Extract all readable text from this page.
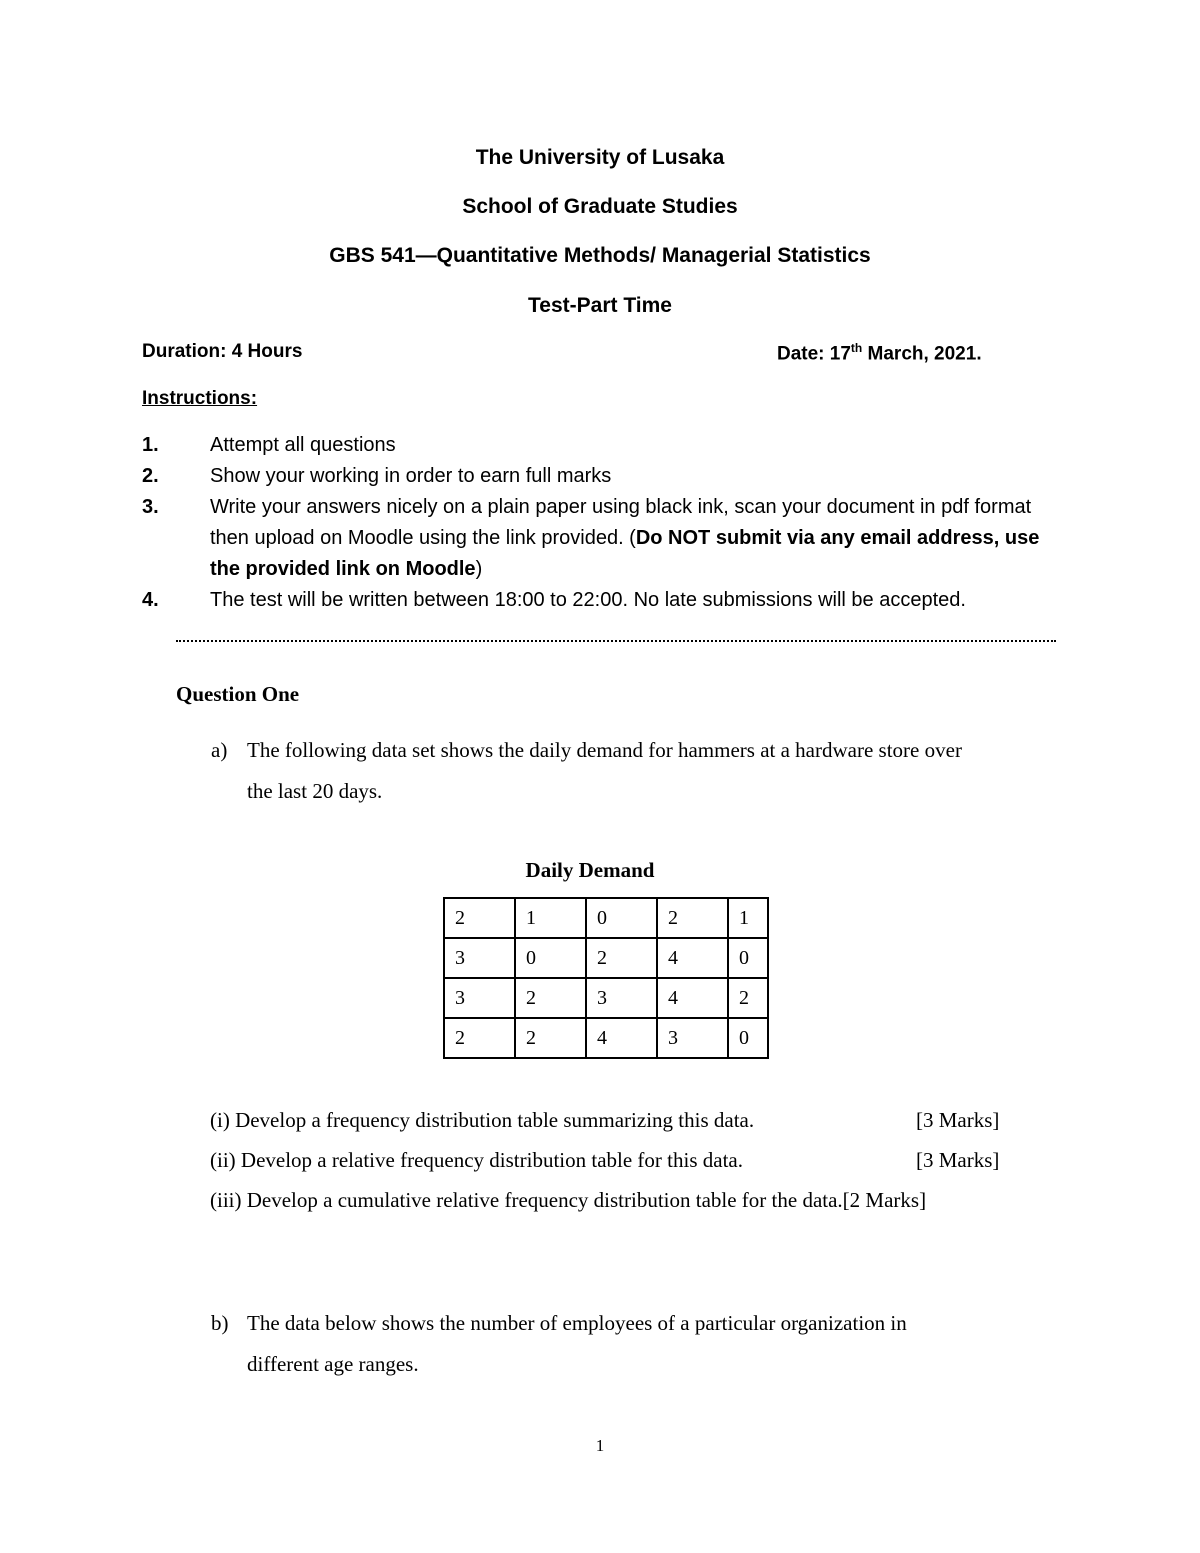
The University of Lusaka
School of Graduate Studies
GBS 541—Quantitative Methods/ Managerial Statistics
Test-Part Time
Duration: 4 Hours	Date: 17th March, 2021.
Instructions:
1.	Attempt all questions
2.	Show your working in order to earn full marks
3.	Write your answers nicely on a plain paper using black ink, scan your document in pdf format then upload on Moodle using the link provided. (Do NOT submit via any email address, use the provided link on Moodle)
4.	The test will be written between 18:00 to 22:00. No late submissions will be accepted.
Question One
a) The following data set shows the daily demand for hammers at a hardware store over
the last 20 days.
Daily Demand
2	1	0	2	1
3	0	2	4	0
3	2	3	4	2
2	2	4	3	0
(i) Develop a frequency distribution table summarizing this data.	[3 Marks]
(ii) Develop a relative frequency distribution table for this data.	[3 Marks]
(iii) Develop a cumulative relative frequency distribution table for the data.[2 Marks]
b) The data below shows the number of employees of a particular organization in
different age ranges.
1
